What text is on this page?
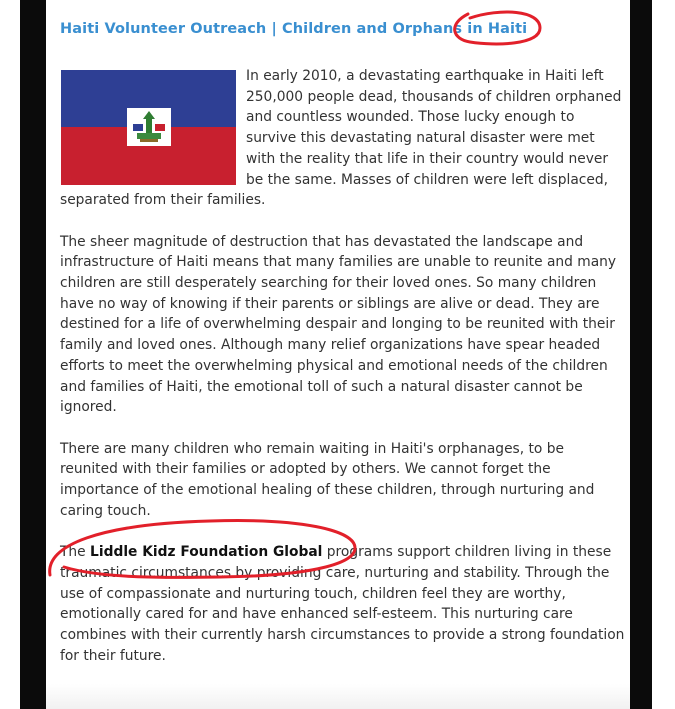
Haiti Volunteer Outreach | Children and Orphans in Haiti

In early 2010, a devastating earthquake in Haiti left 250,000 people dead, thousands of children orphaned and countless wounded. Those lucky enough to survive this devastating natural disaster were met with the reality that life in their country would never be the same. Masses of children were left displaced, separated from their families.

The sheer magnitude of destruction that has devastated the landscape and infrastructure of Haiti means that many families are unable to reunite and many children are still desperately searching for their loved ones. So many children have no way of knowing if their parents or siblings are alive or dead. They are destined for a life of overwhelming despair and longing to be reunited with their family and loved ones. Although many relief organizations have spear headed efforts to meet the overwhelming physical and emotional needs of the children and families of Haiti, the emotional toll of such a natural disaster cannot be ignored.

There are many children who remain waiting in Haiti's orphanages, to be reunited with their families or adopted by others. We cannot forget the importance of the emotional healing of these children, through nurturing and caring touch.

The Liddle Kidz Foundation Global programs support children living in these traumatic circumstances by providing care, nurturing and stability. Through the use of compassionate and nurturing touch, children feel they are worthy, emotionally cared for and have enhanced self-esteem. This nurturing care combines with their currently harsh circumstances to provide a strong foundation for their future.
